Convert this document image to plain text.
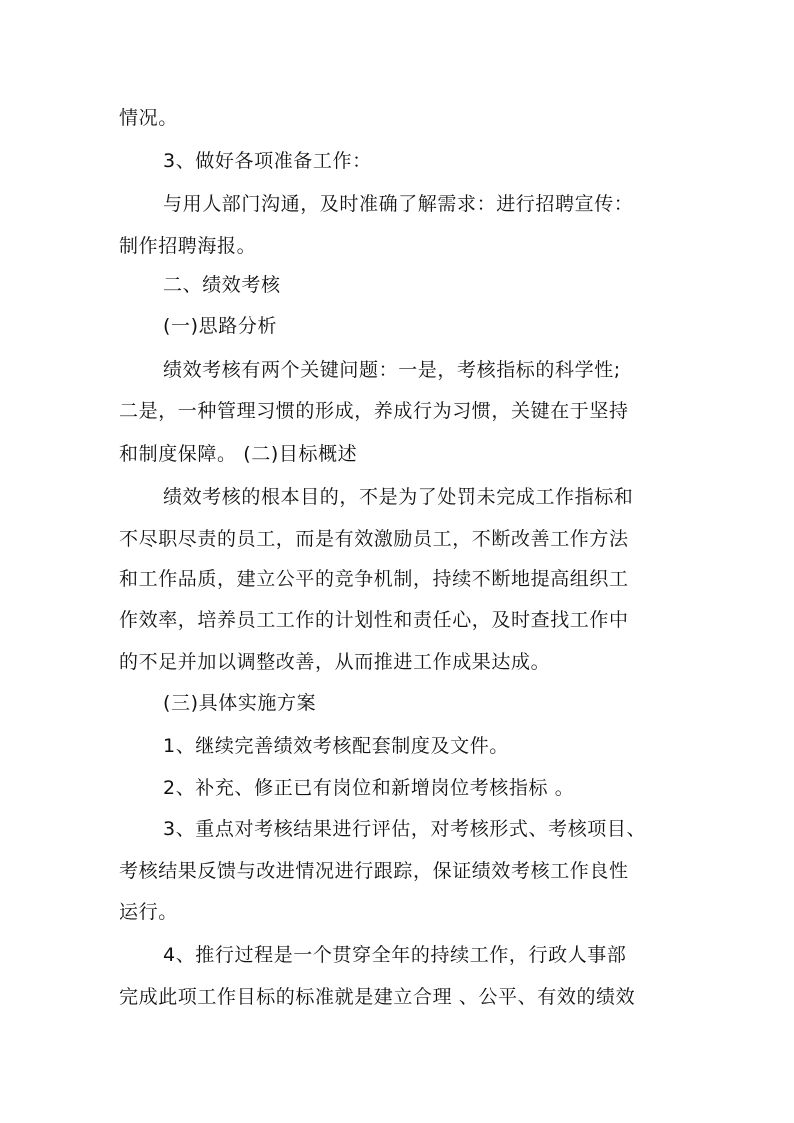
情况。
3、做好各项准备工作：
与用人部门沟通，及时准确了解需求：进行招聘宣传：
制作招聘海报。
二、绩效考核
(一)思路分析
绩效考核有两个关键问题：一是，考核指标的科学性;
二是，一种管理习惯的形成，养成行为习惯，关键在于坚持
和制度保障。 (二)目标概述
绩效考核的根本目的，不是为了处罚未完成工作指标和
不尽职尽责的员工，而是有效激励员工，不断改善工作方法
和工作品质，建立公平的竞争机制，持续不断地提高组织工
作效率，培养员工工作的计划性和责任心，及时查找工作中
的不足并加以调整改善，从而推进工作成果达成。
(三)具体实施方案
1、继续完善绩效考核配套制度及文件。
2、补充、修正已有岗位和新增岗位考核指标 。
3、重点对考核结果进行评估，对考核形式、考核项目、
考核结果反馈与改进情况进行跟踪，保证绩效考核工作良性
运行。
4、推行过程是一个贯穿全年的持续工作，行政人事部
完成此项工作目标的标准就是建立合理 、公平、有效的绩效
